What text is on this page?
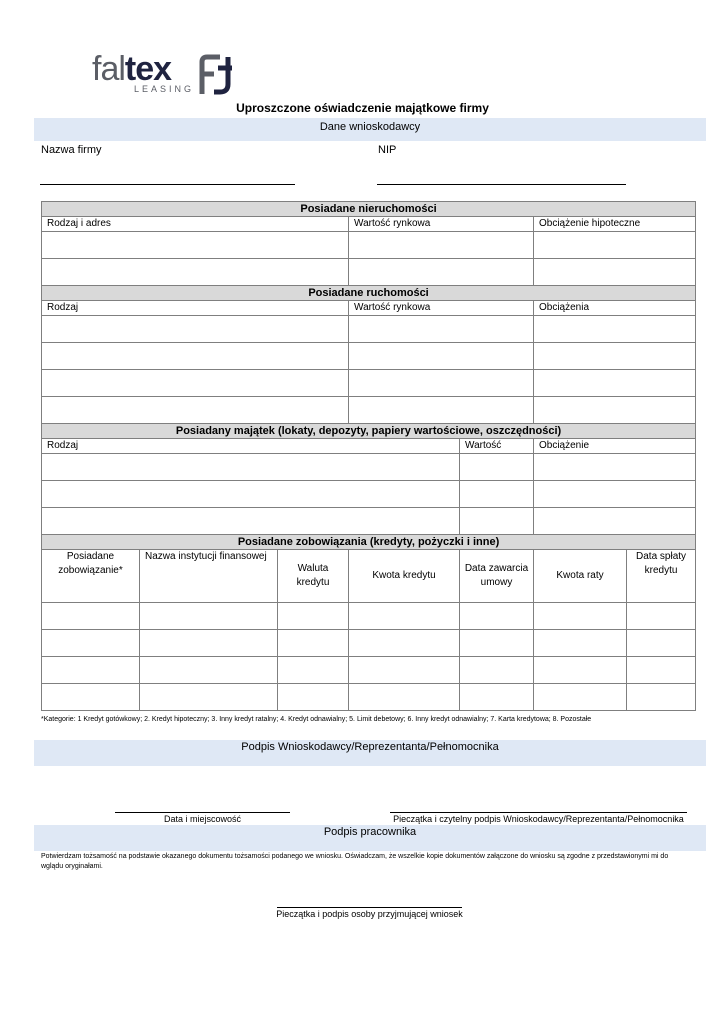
faltex
LEASING
Uproszczone oświadczenie majątkowe firmy
Dane wnioskodawcy
Nazwa firmy	NIP
Posiadane nieruchomości						
Rodzaj i adres			Wartość rynkowa		Obciążenie hipoteczne	

Posiadane ruchomości						
Rodzaj			Wartość rynkowa		Obciążenia	

Posiadany majątek (lokaty, depozyty, papiery wartościowe, oszczędności)						
Rodzaj				Wartość	Obciążenie	

Posiadane zobowiązania (kredyty, pożyczki i inne)						
Posiadane zobowiązanie*	Nazwa instytucji finansowej	Waluta kredytu	Kwota kredytu	Data zawarcia umowy	Kwota raty	Data spłaty kredytu

*Kategorie: 1 Kredyt gotówkowy; 2. Kredyt hipoteczny; 3. Inny kredyt ratalny; 4. Kredyt odnawialny; 5. Limit debetowy; 6. Inny kredyt odnawialny; 7. Karta kredytowa; 8. Pozostałe
Podpis Wnioskodawcy/Reprezentanta/Pełnomocnika
Data i miejscowość	Pieczątka i czytelny podpis Wnioskodawcy/Reprezentanta/Pełnomocnika
Podpis pracownika
Potwierdzam tożsamość na podstawie okazanego dokumentu tożsamości podanego we wniosku. Oświadczam, że wszelkie kopie dokumentów załączone do wniosku są zgodne z przedstawionymi mi do wglądu oryginałami.
Pieczątka i podpis osoby przyjmującej wniosek
